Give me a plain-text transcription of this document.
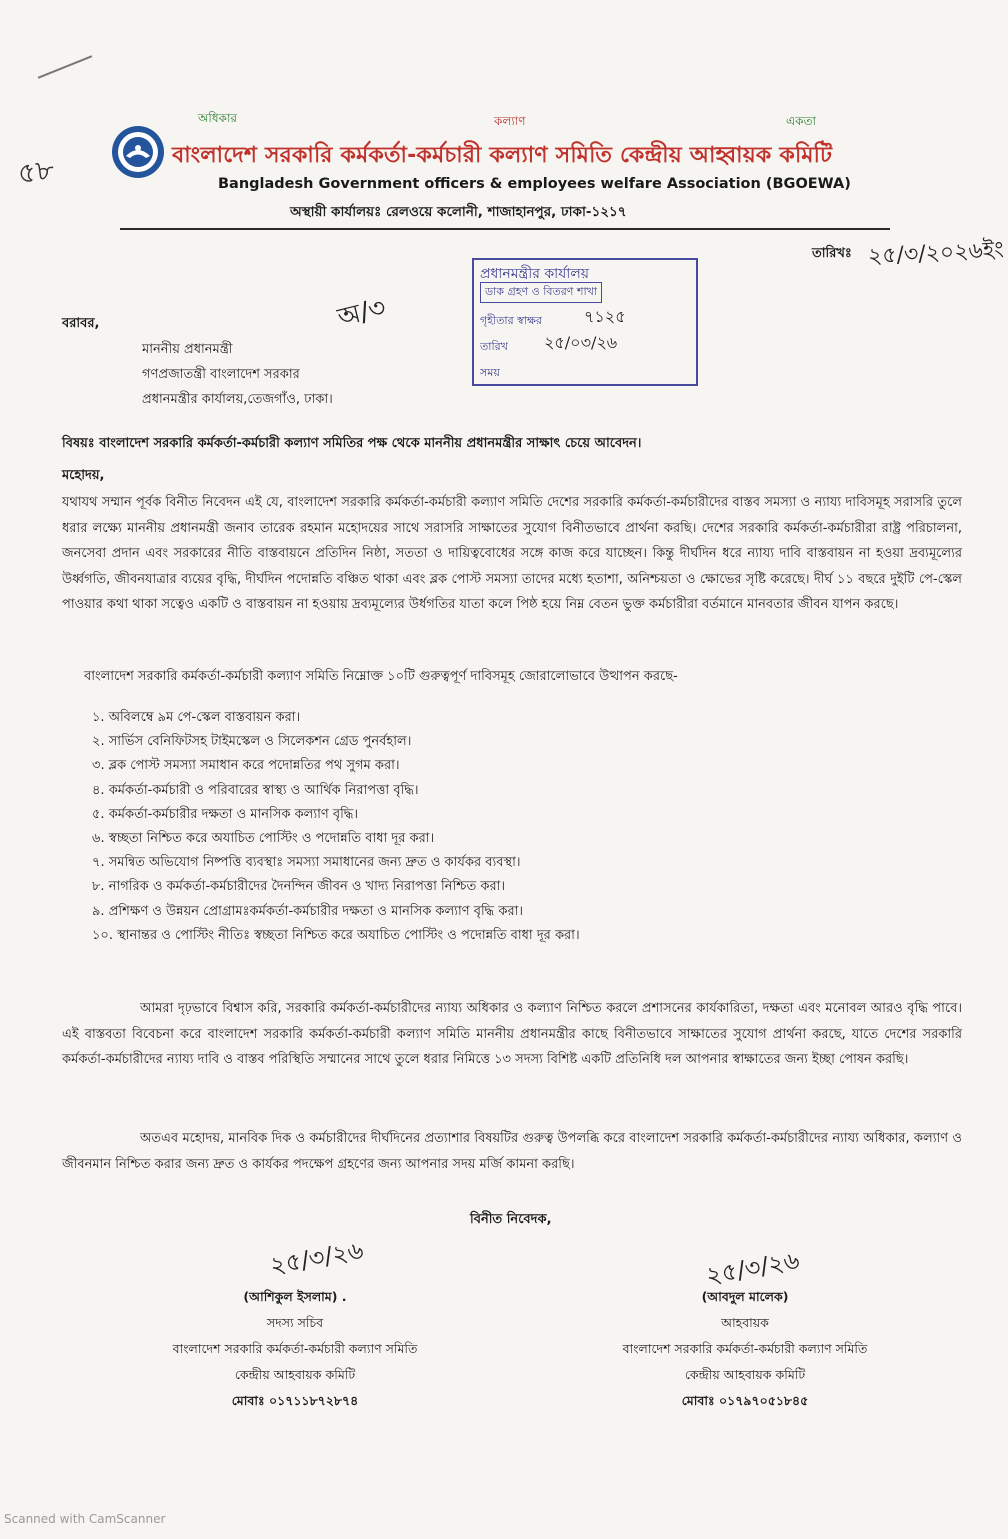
৫৮
অধিকার	কল্যাণ	একতা
বাংলাদেশ সরকারি কর্মকর্তা-কর্মচারী কল্যাণ সমিতি কেন্দ্রীয় আহ্বায়ক কমিটি
Bangladesh Government officers & employees welfare Association (BGOEWA)
অস্থায়ী কার্যালয়ঃ রেলওয়ে কলোনী, শাজাহানপুর, ঢাকা-১২১৭
তারিখঃ ২৫/৩/২০২৬ইং
প্রধানমন্ত্রীর কার্যালয়
ডাক গ্রহণ ও বিতরণ শাখা
গৃহীতার স্বাক্ষর	৭১২৫
তারিখ ২৫/০৩/২৬
সময়
অ/৩
বরাবর,
মাননীয় প্রধানমন্ত্রী
গণপ্রজাতন্ত্রী বাংলাদেশ সরকার
প্রধানমন্ত্রীর কার্যালয়,তেজগাঁও, ঢাকা।
বিষয়ঃ বাংলাদেশ সরকারি কর্মকর্তা-কর্মচারী কল্যাণ সমিতির পক্ষ থেকে মাননীয় প্রধানমন্ত্রীর সাক্ষাৎ চেয়ে আবেদন।
মহোদয়,
যথাযথ সম্মান পূর্বক বিনীত নিবেদন এই যে, বাংলাদেশ সরকারি কর্মকর্তা-কর্মচারী কল্যাণ সমিতি দেশের সরকারি কর্মকর্তা-কর্মচারীদের বাস্তব সমস্যা ও ন্যায্য দাবিসমূহ সরাসরি তুলে ধরার লক্ষ্যে মাননীয় প্রধানমন্ত্রী জনাব তারেক রহমান মহোদয়ের সাথে সরাসরি সাক্ষাতের সুযোগ বিনীতভাবে প্রার্থনা করছি। দেশের সরকারি কর্মকর্তা-কর্মচারীরা রাষ্ট্র পরিচালনা, জনসেবা প্রদান এবং সরকারের নীতি বাস্তবায়নে প্রতিদিন নিষ্ঠা, সততা ও দায়িত্ববোধের সঙ্গে কাজ করে যাচ্ছেন। কিন্তু দীর্ঘদিন ধরে ন্যায্য দাবি বাস্তবায়ন না হওয়া দ্রব্যমূল্যের উর্ধ্বগতি, জীবনযাত্রার ব্যয়ের বৃদ্ধি, দীর্ঘদিন পদোন্নতি বঞ্চিত থাকা এবং ব্লক পোস্ট সমস্যা তাদের মধ্যে হতাশা, অনিশ্চয়তা ও ক্ষোভের সৃষ্টি করেছে। দীর্ঘ ১১ বছরে দুইটি পে-স্কেল পাওয়ার কথা থাকা সত্বেও একটি ও বাস্তবায়ন না হওয়ায় দ্রব্যমূল্যের উর্ধগতির যাতা কলে পিষ্ঠ হয়ে নিম্ন বেতন ভুক্ত কর্মচারীরা বর্তমানে মানবতার জীবন যাপন করছে।
বাংলাদেশ সরকারি কর্মকর্তা-কর্মচারী কল্যাণ সমিতি নিম্নোক্ত ১০টি গুরুত্বপূর্ণ দাবিসমূহ জোরালোভাবে উত্থাপন করছে-
১. অবিলম্বে ৯ম পে-স্কেল বাস্তবায়ন করা।
২. সার্ভিস বেনিফিটসহ টাইমস্কেল ও সিলেকশন গ্রেড পুনর্বহাল।
৩. ব্লক পোস্ট সমস্যা সমাধান করে পদোন্নতির পথ সুগম করা।
৪. কর্মকর্তা-কর্মচারী ও পরিবারের স্বাস্থ্য ও আর্থিক নিরাপত্তা বৃদ্ধি।
৫. কর্মকর্তা-কর্মচারীর দক্ষতা ও মানসিক কল্যাণ বৃদ্ধি।
৬. স্বচ্ছতা নিশ্চিত করে অযাচিত পোস্টিং ও পদোন্নতি বাধা দূর করা।
৭. সমন্বিত অভিযোগ নিষ্পত্তি ব্যবস্থাঃ সমস্যা সমাধানের জন্য দ্রুত ও কার্যকর ব্যবস্থা।
৮. নাগরিক ও কর্মকর্তা-কর্মচারীদের দৈনন্দিন জীবন ও খাদ্য নিরাপত্তা নিশ্চিত করা।
৯. প্রশিক্ষণ ও উন্নয়ন প্রোগ্রামঃকর্মকর্তা-কর্মচারীর দক্ষতা ও মানসিক কল্যাণ বৃদ্ধি করা।
১০. স্থানান্তর ও পোস্টিং নীতিঃ স্বচ্ছতা নিশ্চিত করে অযাচিত পোস্টিং ও পদোন্নতি বাধা দূর করা।
আমরা দৃঢ়ভাবে বিশ্বাস করি, সরকারি কর্মকর্তা-কর্মচারীদের ন্যায্য অধিকার ও কল্যাণ নিশ্চিত করলে প্রশাসনের কার্যকারিতা, দক্ষতা এবং মনোবল আরও বৃদ্ধি পাবে। এই বাস্তবতা বিবেচনা করে বাংলাদেশ সরকারি কর্মকর্তা-কর্মচারী কল্যাণ সমিতি মাননীয় প্রধানমন্ত্রীর কাছে বিনীতভাবে সাক্ষাতের সুযোগ প্রার্থনা করছে, যাতে দেশের সরকারি কর্মকর্তা-কর্মচারীদের ন্যায্য দাবি ও বাস্তব পরিস্থিতি সম্মানের সাথে তুলে ধরার নিমিত্তে ১৩ সদস্য বিশিষ্ট একটি প্রতিনিধি দল আপনার স্বাক্ষাতের জন্য ইচ্ছা পোষন করছি।
অতএব মহোদয়, মানবিক দিক ও কর্মচারীদের দীর্ঘদিনের প্রত্যাশার বিষয়টির গুরুত্ব উপলব্ধি করে বাংলাদেশ সরকারি কর্মকর্তা-কর্মচারীদের ন্যায্য অধিকার, কল্যাণ ও জীবনমান নিশ্চিত করার জন্য দ্রুত ও কার্যকর পদক্ষেপ গ্রহণের জন্য আপনার সদয় মর্জি কামনা করছি।
বিনীত নিবেদক,
২৫/৩/২৬
(আশিকুল ইসলাম) .
সদস্য সচিব
বাংলাদেশ সরকারি কর্মকর্তা-কর্মচারী কল্যাণ সমিতি
কেন্দ্রীয় আহবায়ক কমিটি
মোবাঃ ০১৭১১৮৭২৮৭৪
২৫/৩/২৬
(আবদুল মালেক)
আহবায়ক
বাংলাদেশ সরকারি কর্মকর্তা-কর্মচারী কল্যাণ সমিতি
কেন্দ্রীয় আহবায়ক কমিটি
মোবাঃ ০১৭৯৭০৫১৮৪৫
Scanned with CamScanner
